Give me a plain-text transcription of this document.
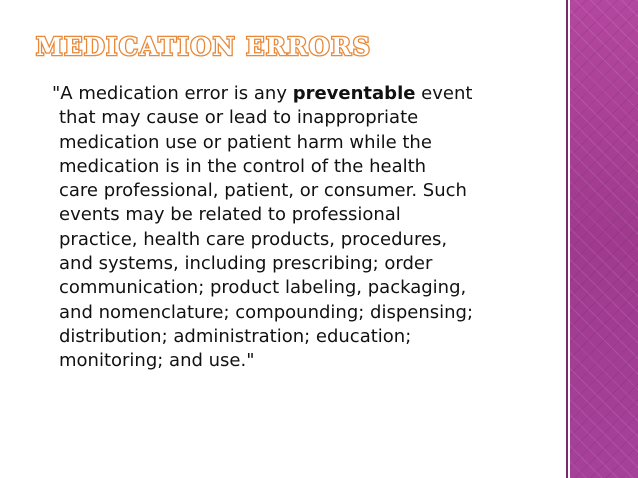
MEDICATION ERRORS

"A medication error is any preventable event
that may cause or lead to inappropriate
medication use or patient harm while the
medication is in the control of the health
care professional, patient, or consumer. Such
events may be related to professional
practice, health care products, procedures,
and systems, including prescribing; order
communication; product labeling, packaging,
and nomenclature; compounding; dispensing;
distribution; administration; education;
monitoring; and use."
